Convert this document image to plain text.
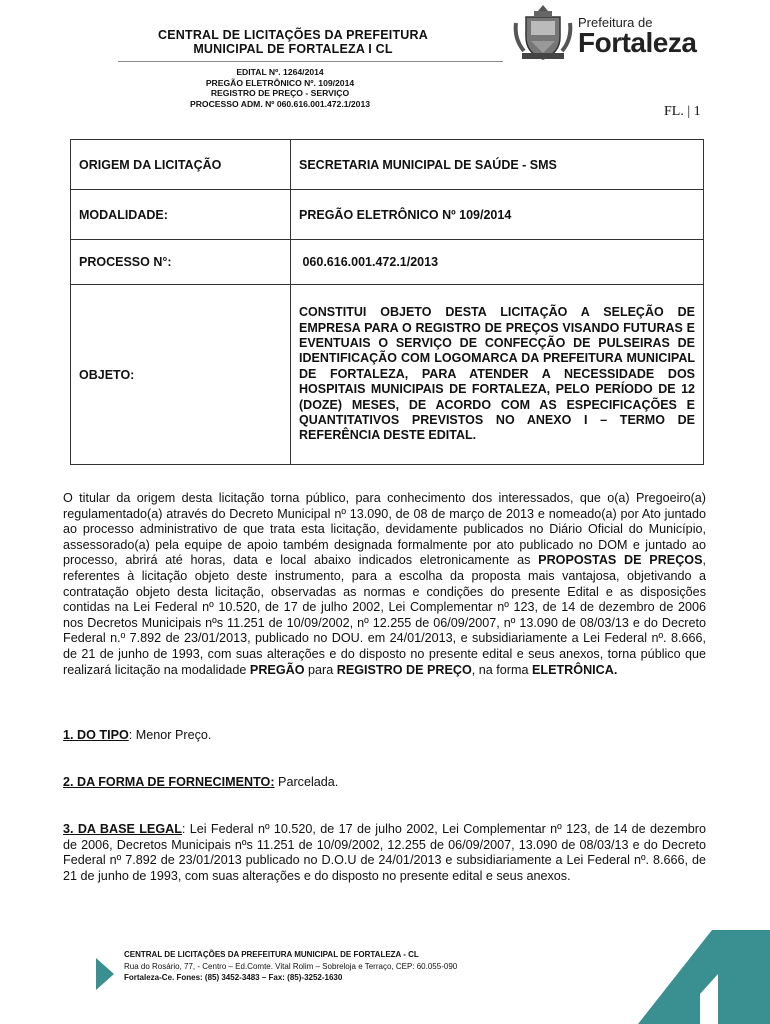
CENTRAL DE LICITAÇÕES DA PREFEITURA
MUNICIPAL DE FORTALEZA I CL
EDITAL Nº. 1264/2014
PREGÃO ELETRÔNICO Nº. 109/2014
REGISTRO DE PREÇO - SERVIÇO
PROCESSO ADM. Nº 060.616.001.472.1/2013
Prefeitura de
Fortaleza
FL. | 1
ORIGEM DA LICITAÇÃO	SECRETARIA MUNICIPAL DE SAÚDE - SMS
MODALIDADE:	PREGÃO ELETRÔNICO Nº 109/2014
PROCESSO N°:	060.616.001.472.1/2013
OBJETO:	CONSTITUI OBJETO DESTA LICITAÇÃO A SELEÇÃO DE EMPRESA PARA O REGISTRO DE PREÇOS VISANDO FUTURAS E EVENTUAIS O SERVIÇO DE CONFECÇÃO DE PULSEIRAS DE IDENTIFICAÇÃO COM LOGOMARCA DA PREFEITURA MUNICIPAL DE FORTALEZA, PARA ATENDER A NECESSIDADE DOS HOSPITAIS MUNICIPAIS DE FORTALEZA, PELO PERÍODO DE 12 (DOZE) MESES, DE ACORDO COM AS ESPECIFICAÇÕES E QUANTITATIVOS PREVISTOS NO ANEXO I – TERMO DE REFERÊNCIA DESTE EDITAL.
O titular da origem desta licitação torna público, para conhecimento dos interessados, que o(a) Pregoeiro(a) regulamentado(a) através do Decreto Municipal nº 13.090, de 08 de março de 2013 e nomeado(a) por Ato juntado ao processo administrativo de que trata esta licitação, devidamente publicados no Diário Oficial do Município, assessorado(a) pela equipe de apoio também designada formalmente por ato publicado no DOM e juntado ao processo, abrirá até horas, data e local abaixo indicados eletronicamente as PROPOSTAS DE PREÇOS, referentes à licitação objeto deste instrumento, para a escolha da proposta mais vantajosa, objetivando a contratação objeto desta licitação, observadas as normas e condições do presente Edital e as disposições contidas na Lei Federal nº 10.520, de 17 de julho 2002, Lei Complementar nº 123, de 14 de dezembro de 2006 nos Decretos Municipais nºs 11.251 de 10/09/2002, nº 12.255 de 06/09/2007, nº 13.090 de 08/03/13 e do Decreto Federal n.º 7.892 de 23/01/2013, publicado no DOU. em 24/01/2013, e subsidiariamente a Lei Federal nº. 8.666, de 21 de junho de 1993, com suas alterações e do disposto no presente edital e seus anexos, torna público que realizará licitação na modalidade PREGÃO para REGISTRO DE PREÇO, na forma ELETRÔNICA.
1. DO TIPO: Menor Preço.
2. DA FORMA DE FORNECIMENTO: Parcelada.
3. DA BASE LEGAL: Lei Federal nº 10.520, de 17 de julho 2002, Lei Complementar nº 123, de 14 de dezembro de 2006, Decretos Municipais nºs 11.251 de 10/09/2002, 12.255 de 06/09/2007, 13.090 de 08/03/13 e do Decreto Federal nº 7.892 de 23/01/2013 publicado no D.O.U de 24/01/2013 e subsidiariamente a Lei Federal nº. 8.666, de 21 de junho de 1993, com suas alterações e do disposto no presente edital e seus anexos.
CENTRAL DE LICITAÇÕES DA PREFEITURA MUNICIPAL DE FORTALEZA - CL
Rua do Rosário, 77, - Centro – Ed.Comte. Vital Rolim – Sobreloja e Terraço, CEP: 60.055-090
Fortaleza-Ce. Fones: (85) 3452-3483 – Fax: (85)-3252-1630
